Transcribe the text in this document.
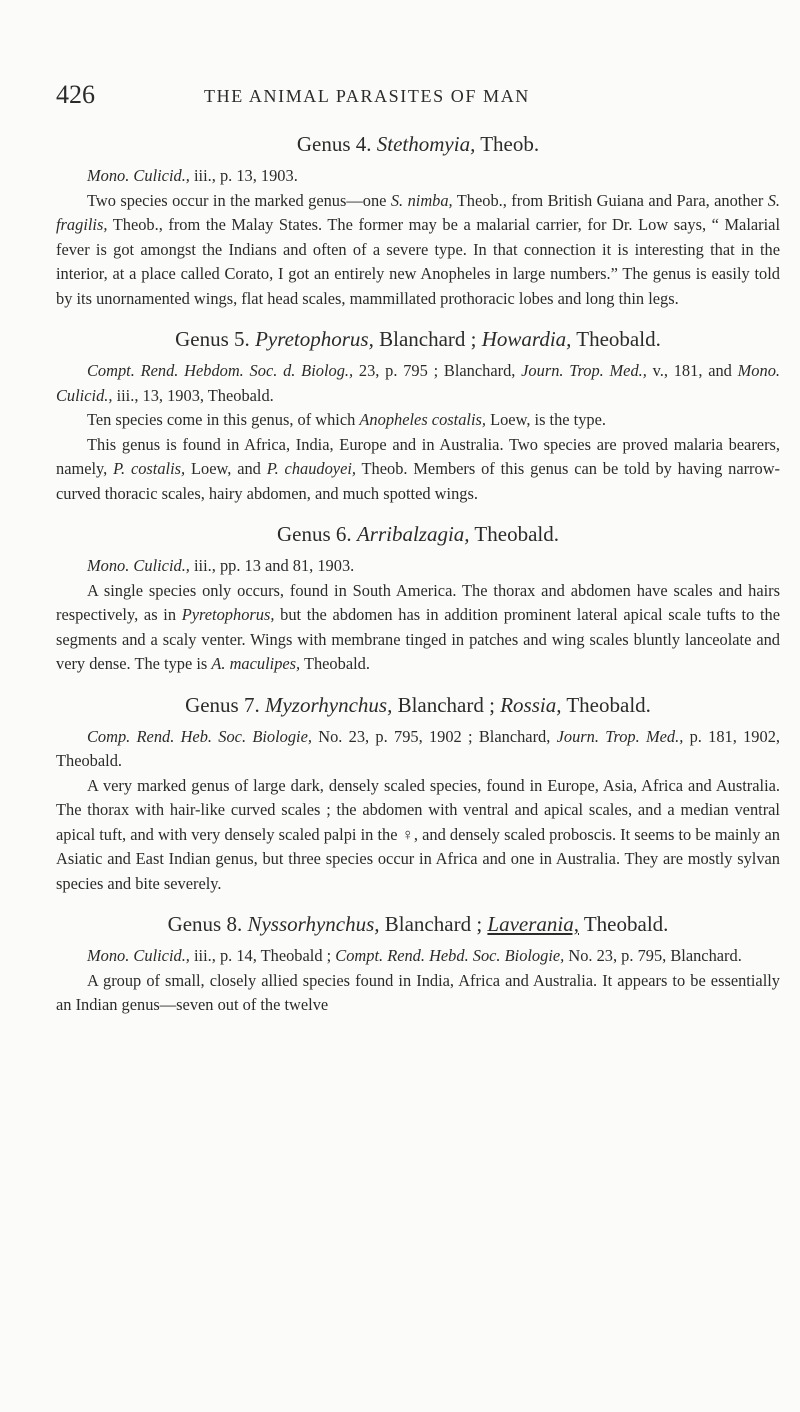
426	THE ANIMAL PARASITES OF MAN
Genus 4. Stethomyia, Theob.

Mono. Culicid., iii., p. 13, 1903.

Two species occur in the marked genus—one S. nimba, Theob., from British Guiana and Para, another S. fragilis, Theob., from the Malay States. The former may be a malarial carrier, for Dr. Low says, “ Malarial fever is got amongst the Indians and often of a severe type. In that connection it is interesting that in the interior, at a place called Corato, I got an entirely new Anopheles in large numbers.” The genus is easily told by its unornamented wings, flat head scales, mammillated prothoracic lobes and long thin legs.

Genus 5. Pyretophorus, Blanchard ; Howardia, Theobald.

Compt. Rend. Hebdom. Soc. d. Biolog., 23, p. 795 ; Blanchard, Journ. Trop. Med., v., 181, and Mono. Culicid., iii., 13, 1903, Theobald.

Ten species come in this genus, of which Anopheles costalis, Loew, is the type.

This genus is found in Africa, India, Europe and in Australia. Two species are proved malaria bearers, namely, P. costalis, Loew, and P. chaudoyei, Theob. Members of this genus can be told by having narrow-curved thoracic scales, hairy abdomen, and much spotted wings.

Genus 6. Arribalzagia, Theobald.

Mono. Culicid., iii., pp. 13 and 81, 1903.

A single species only occurs, found in South America. The thorax and abdomen have scales and hairs respectively, as in Pyretophorus, but the abdomen has in addition prominent lateral apical scale tufts to the segments and a scaly venter. Wings with membrane tinged in patches and wing scales bluntly lanceolate and very dense. The type is A. maculipes, Theobald.

Genus 7. Myzorhynchus, Blanchard ; Rossia, Theobald.

Comp. Rend. Heb. Soc. Biologie, No. 23, p. 795, 1902 ; Blanchard, Journ. Trop. Med., p. 181, 1902, Theobald.

A very marked genus of large dark, densely scaled species, found in Europe, Asia, Africa and Australia. The thorax with hair-like curved scales ; the abdomen with ventral and apical scales, and a median ventral apical tuft, and with very densely scaled palpi in the ♀, and densely scaled proboscis. It seems to be mainly an Asiatic and East Indian genus, but three species occur in Africa and one in Australia. They are mostly sylvan species and bite severely.

Genus 8. Nyssorhynchus, Blanchard ; Laverania, Theobald.

Mono. Culicid., iii., p. 14, Theobald ; Compt. Rend. Hebd. Soc. Biologie, No. 23, p. 795, Blanchard.

A group of small, closely allied species found in India, Africa and Australia. It appears to be essentially an Indian genus—seven out of the twelve
